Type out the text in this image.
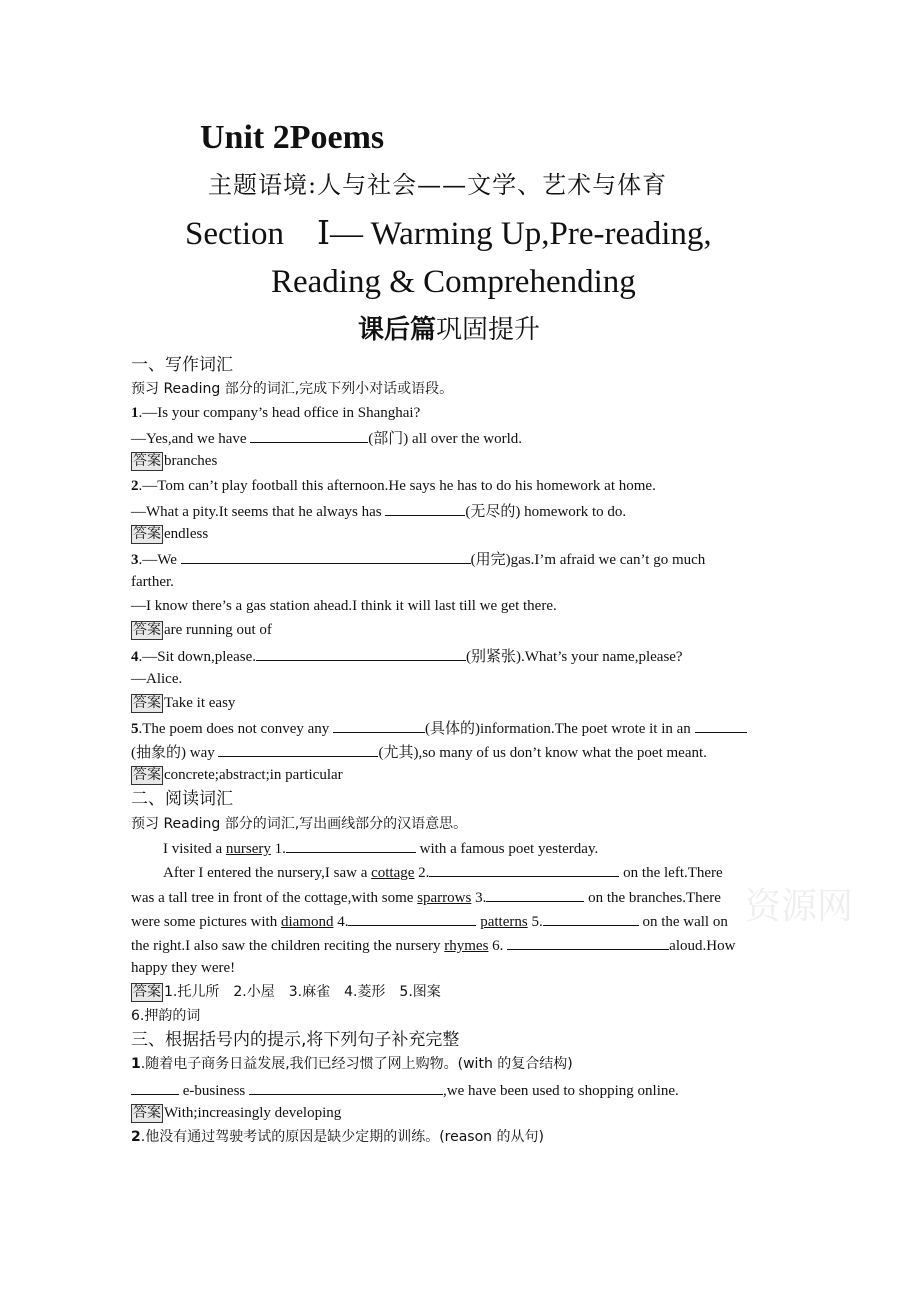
Unit 2Poems
主题语境:人与社会——文学、艺术与体育
Section　Ⅰ— Warming Up,Pre-reading,
Reading & Comprehending
课后篇巩固提升
一、写作词汇
预习 Reading 部分的词汇,完成下列小对话或语段。
1.—Is your company’s head office in Shanghai?
—Yes,and we have	(部门) all over the world.
答案 branches
2.—Tom can’t play football this afternoon.He says he has to do his homework at home.
—What a pity.It seems that he always has	(无尽的) homework to do.
答案 endless
3.—We	(用完)gas.I’m afraid we can’t go much
farther.
—I know there’s a gas station ahead.I think it will last till we get there.
答案 are running out of
4.—Sit down,please.	(别紧张).What’s your name,please?
—Alice.
答案 Take it easy
5.The poem does not convey any	(具体的)information.The poet wrote it in an
(抽象的) way	(尤其),so many of us don’t know what the poet meant.
答案 concrete;abstract;in particular
二、阅读词汇
预习 Reading 部分的词汇,写出画线部分的汉语意思。
I visited a nursery 1.	with a famous poet yesterday.
After I entered the nursery,I saw a cottage 2.	on the left.There
was a tall tree in front of the cottage,with some sparrows 3.	on the branches.There
were some pictures with diamond 4.	patterns 5.	on the wall on
the right.I also saw the children reciting the nursery rhymes 6.	aloud.How
happy they were!
答案 1.托儿所　2.小屋　3.麻雀　4.菱形　5.图案
6.押韵的词
资源网
三、根据括号内的提示,将下列句子补充完整
1.随着电子商务日益发展,我们已经习惯了网上购物。(with 的复合结构)
e-business	,we have been used to shopping online.
答案 With;increasingly developing
2.他没有通过驾驶考试的原因是缺少定期的训练。(reason 的从句)
